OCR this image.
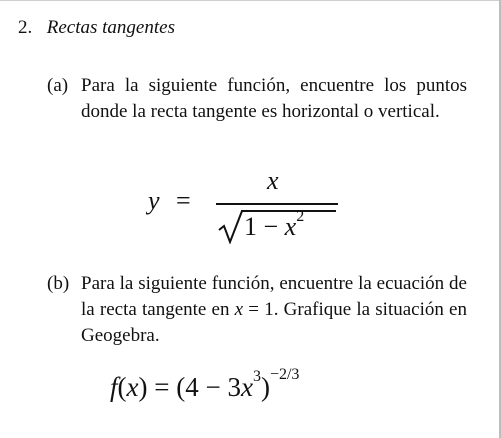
2. Rectas tangentes
(a) Para la siguiente función, encuentre los puntos donde la recta tangente es horizontal o vertical.
y =
x
$1 - x^2$
(b) Para la siguiente función, encuentre la ecuación de la recta tangente en x = 1. Grafique la situación en Geogebra.
$f(x) = (4 - 3x^3)^{-2/3}$
